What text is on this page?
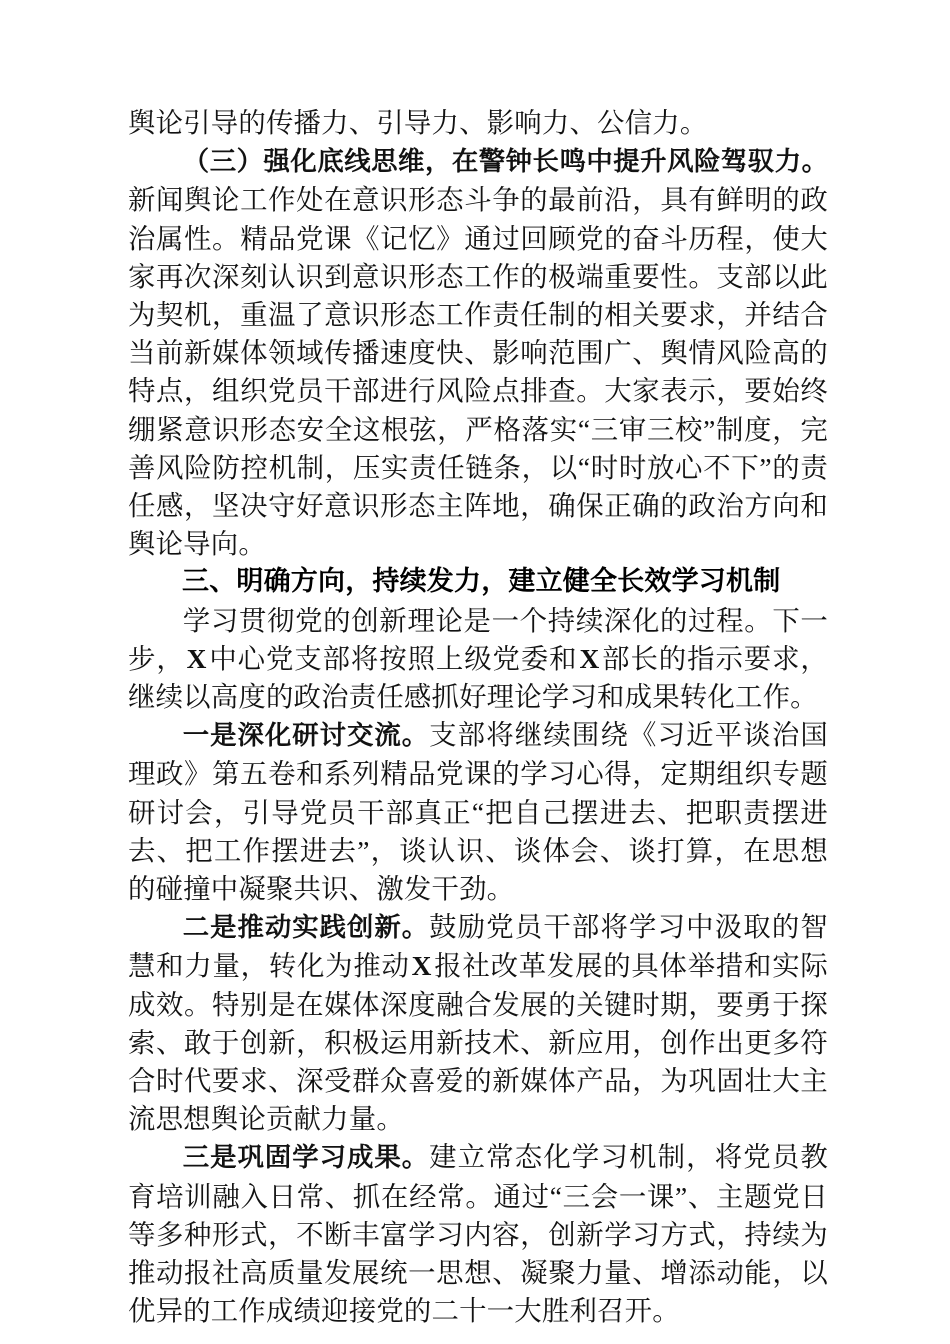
舆论引导的传播力、引导力、影响力、公信力。

（三）强化底线思维，在警钟长鸣中提升风险驾驭力。新闻舆论工作处在意识形态斗争的最前沿，具有鲜明的政治属性。精品党课《记忆》通过回顾党的奋斗历程，使大家再次深刻认识到意识形态工作的极端重要性。支部以此为契机，重温了意识形态工作责任制的相关要求，并结合当前新媒体领域传播速度快、影响范围广、舆情风险高的特点，组织党员干部进行风险点排查。大家表示，要始终绷紧意识形态安全这根弦，严格落实“三审三校”制度，完善风险防控机制，压实责任链条，以“时时放心不下”的责任感，坚决守好意识形态主阵地，确保正确的政治方向和舆论导向。

三、明确方向，持续发力，建立健全长效学习机制

学习贯彻党的创新理论是一个持续深化的过程。下一步，X中心党支部将按照上级党委和X部长的指示要求，继续以高度的政治责任感抓好理论学习和成果转化工作。

一是深化研讨交流。支部将继续围绕《习近平谈治国理政》第五卷和系列精品党课的学习心得，定期组织专题研讨会，引导党员干部真正“把自己摆进去、把职责摆进去、把工作摆进去”，谈认识、谈体会、谈打算，在思想的碰撞中凝聚共识、激发干劲。

二是推动实践创新。鼓励党员干部将学习中汲取的智慧和力量，转化为推动X报社改革发展的具体举措和实际成效。特别是在媒体深度融合发展的关键时期，要勇于探索、敢于创新，积极运用新技术、新应用，创作出更多符合时代要求、深受群众喜爱的新媒体产品，为巩固壮大主流思想舆论贡献力量。

三是巩固学习成果。建立常态化学习机制，将党员教育培训融入日常、抓在经常。通过“三会一课”、主题党日等多种形式，不断丰富学习内容，创新学习方式，持续为推动报社高质量发展统一思想、凝聚力量、增添动能，以优异的工作成绩迎接党的二十一大胜利召开。
